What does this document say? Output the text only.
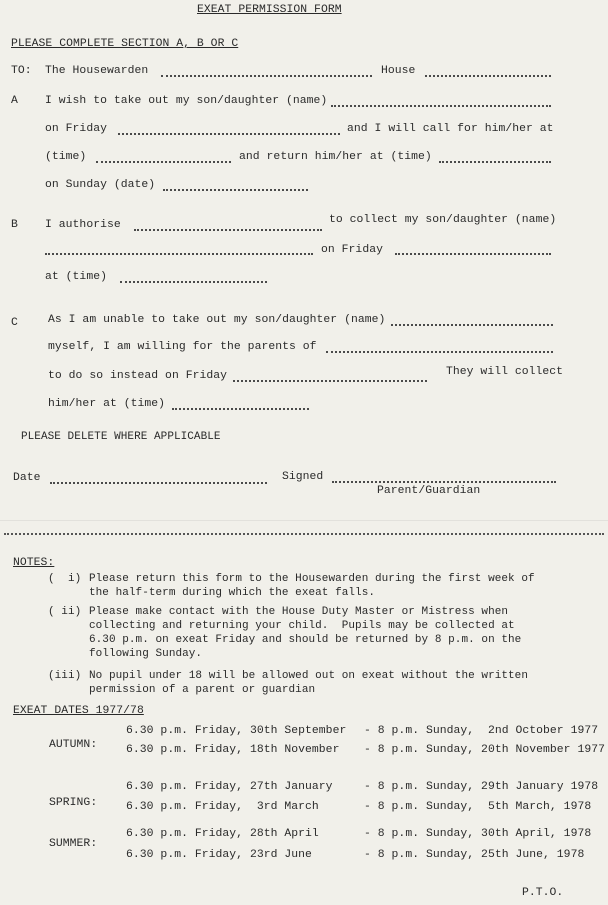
EXEAT PERMISSION FORM
PLEASE COMPLETE SECTION A, B OR C
TO: The Housewarden	House
A I wish to take out my son/daughter (name)
on Friday	and I will call for him/her at
(time)	and return him/her at (time)
on Sunday (date)
B I authorise	to collect my son/daughter (name)
on Friday
at (time)
C	As I am unable to take out my son/daughter (name)
myself, I am willing for the parents of
to do so instead on Friday	They will collect
him/her at (time)
PLEASE DELETE WHERE APPLICABLE
Date	Signed
Parent/Guardian
NOTES:
(  i) Please return this form to the Housewarden during the first week of
the half-term during which the exeat falls.
( ii) Please make contact with the House Duty Master or Mistress when
collecting and returning your child.  Pupils may be collected at
6.30 p.m. on exeat Friday and should be returned by 8 p.m. on the
following Sunday.
(iii) No pupil under 18 will be allowed out on exeat without the written
permission of a parent or guardian
EXEAT DATES 1977/78
AUTUMN:
6.30 p.m. Friday, 30th September - 8 p.m. Sunday,  2nd October 1977
6.30 p.m. Friday, 18th November - 8 p.m. Sunday, 20th November 1977
SPRING:
6.30 p.m. Friday, 27th January	- 8 p.m. Sunday, 29th January 1978
6.30 p.m. Friday,  3rd March	- 8 p.m. Sunday,  5th March, 1978
SUMMER:
6.30 p.m. Friday, 28th April	- 8 p.m. Sunday, 30th April, 1978
6.30 p.m. Friday, 23rd June	- 8 p.m. Sunday, 25th June, 1978
P.T.O.
